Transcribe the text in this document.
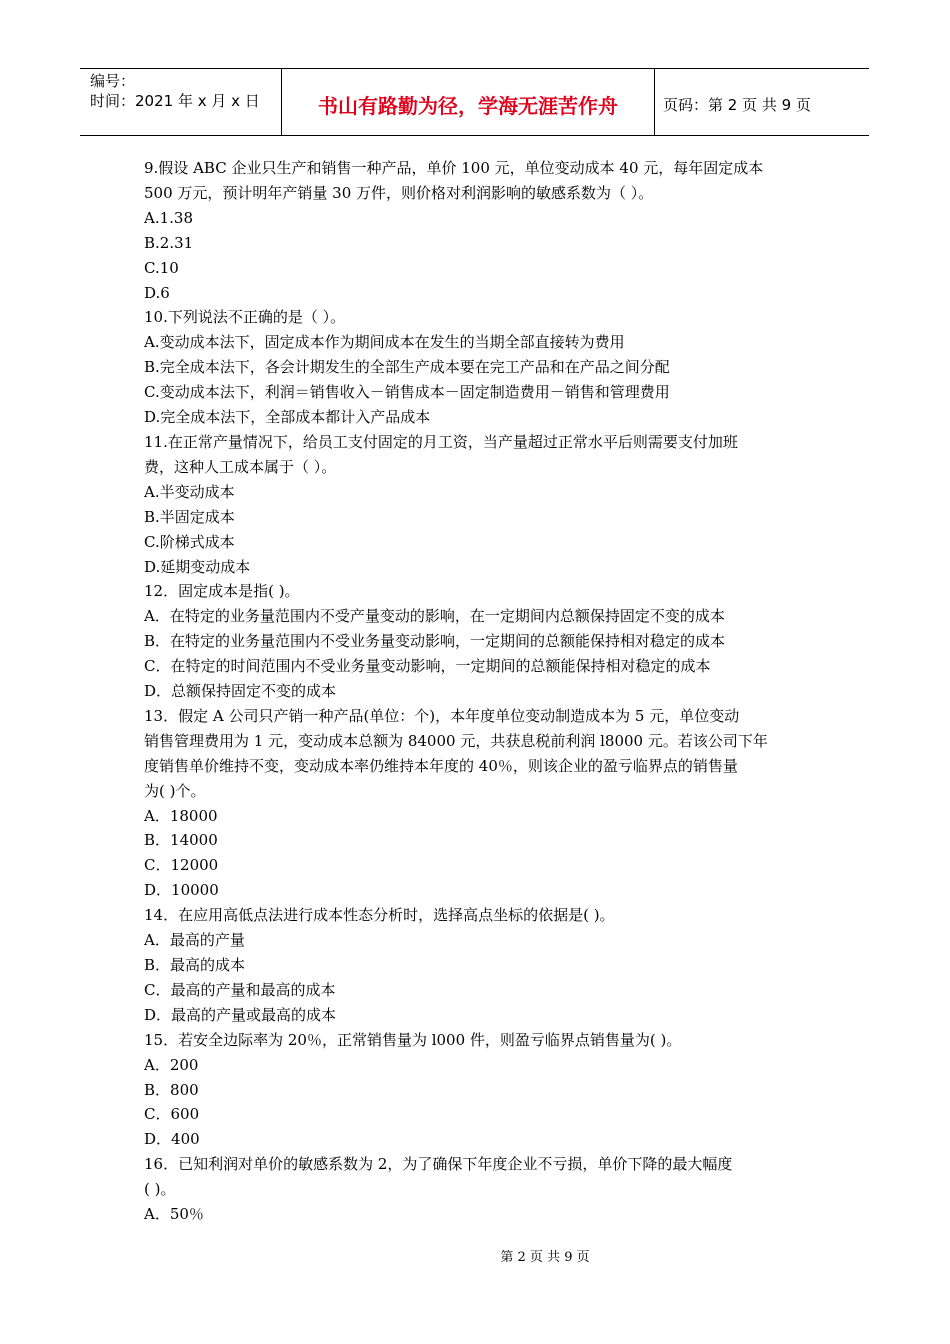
编号：
时间：2021 年 x 月 x 日	书山有路勤为径，学海无涯苦作舟	页码：第 2 页 共 9 页
9.假设 ABC 企业只生产和销售一种产品，单价 100 元，单位变动成本 40 元，每年固定成本
500 万元，预计明年产销量 30 万件，则价格对利润影响的敏感系数为（ ）。
A.1.38
B.2.31
C.10
D.6
10.下列说法不正确的是（ ）。
A.变动成本法下，固定成本作为期间成本在发生的当期全部直接转为费用
B.完全成本法下，各会计期发生的全部生产成本要在完工产品和在产品之间分配
C.变动成本法下，利润＝销售收入－销售成本－固定制造费用－销售和管理费用
D.完全成本法下，全部成本都计入产品成本
11.在正常产量情况下，给员工支付固定的月工资，当产量超过正常水平后则需要支付加班
费，这种人工成本属于（ ）。
A.半变动成本
B.半固定成本
C.阶梯式成本
D.延期变动成本
12．固定成本是指( )。
A．在特定的业务量范围内不受产量变动的影响，在一定期间内总额保持固定不变的成本
B．在特定的业务量范围内不受业务量变动影响，一定期间的总额能保持相对稳定的成本
C．在特定的时间范围内不受业务量变动影响，一定期间的总额能保持相对稳定的成本
D．总额保持固定不变的成本
13．假定 A 公司只产销一种产品(单位：个)，本年度单位变动制造成本为 5 元，单位变动
销售管理费用为 1 元，变动成本总额为 84000 元，共获息税前利润 l8000 元。若该公司下年
度销售单价维持不变，变动成本率仍维持本年度的 40％，则该企业的盈亏临界点的销售量
为( )个。
A．18000
B．14000
C．12000
D．10000
14．在应用高低点法进行成本性态分析时，选择高点坐标的依据是( )。
A．最高的产量
B．最高的成本
C．最高的产量和最高的成本
D．最高的产量或最高的成本
15．若安全边际率为 20％，正常销售量为 l000 件，则盈亏临界点销售量为( )。
A．200
B．800
C．600
D．400
16．已知利润对单价的敏感系数为 2，为了确保下年度企业不亏损，单价下降的最大幅度
( )。
A．50％
第 2 页 共 9 页
